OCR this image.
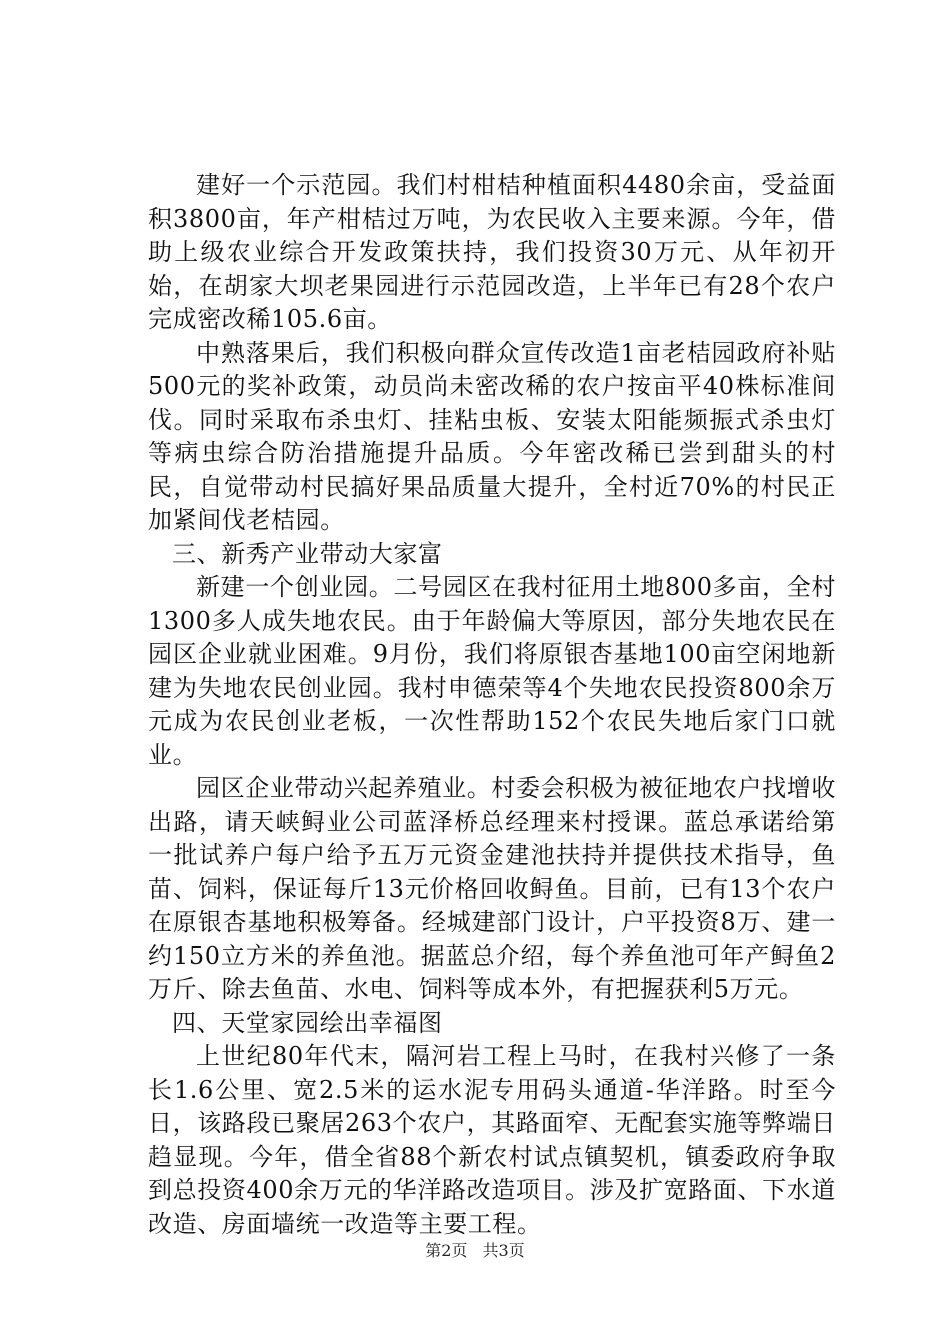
建好一个示范园。我们村柑桔种植面积4480余亩，受益面积3800亩，年产柑桔过万吨，为农民收入主要来源。今年，借助上级农业综合开发政策扶持，我们投资30万元、从年初开始，在胡家大坝老果园进行示范园改造，上半年已有28个农户完成密改稀105.6亩。

中熟落果后，我们积极向群众宣传改造1亩老桔园政府补贴500元的奖补政策，动员尚未密改稀的农户按亩平40株标准间伐。同时采取布杀虫灯、挂粘虫板、安装太阳能频振式杀虫灯等病虫综合防治措施提升品质。今年密改稀已尝到甜头的村民，自觉带动村民搞好果品质量大提升，全村近70%的村民正加紧间伐老桔园。

三、新秀产业带动大家富

新建一个创业园。二号园区在我村征用土地800多亩，全村1300多人成失地农民。由于年龄偏大等原因，部分失地农民在园区企业就业困难。9月份，我们将原银杏基地100亩空闲地新建为失地农民创业园。我村申德荣等4个失地农民投资800余万元成为农民创业老板，一次性帮助152个农民失地后家门口就业。

园区企业带动兴起养殖业。村委会积极为被征地农户找增收出路，请天峡鲟业公司蓝泽桥总经理来村授课。蓝总承诺给第一批试养户每户给予五万元资金建池扶持并提供技术指导，鱼苗、饲料，保证每斤13元价格回收鲟鱼。目前，已有13个农户在原银杏基地积极筹备。经城建部门设计，户平投资8万、建一约150立方米的养鱼池。据蓝总介绍，每个养鱼池可年产鲟鱼2万斤、除去鱼苗、水电、饲料等成本外，有把握获利5万元。

四、天堂家园绘出幸福图

上世纪80年代末，隔河岩工程上马时，在我村兴修了一条长1.6公里、宽2.5米的运水泥专用码头通道-华洋路。时至今日，该路段已聚居263个农户，其路面窄、无配套实施等弊端日趋显现。今年，借全省88个新农村试点镇契机，镇委政府争取到总投资400余万元的华洋路改造项目。涉及扩宽路面、下水道改造、房面墙统一改造等主要工程。

第2页 共3页
